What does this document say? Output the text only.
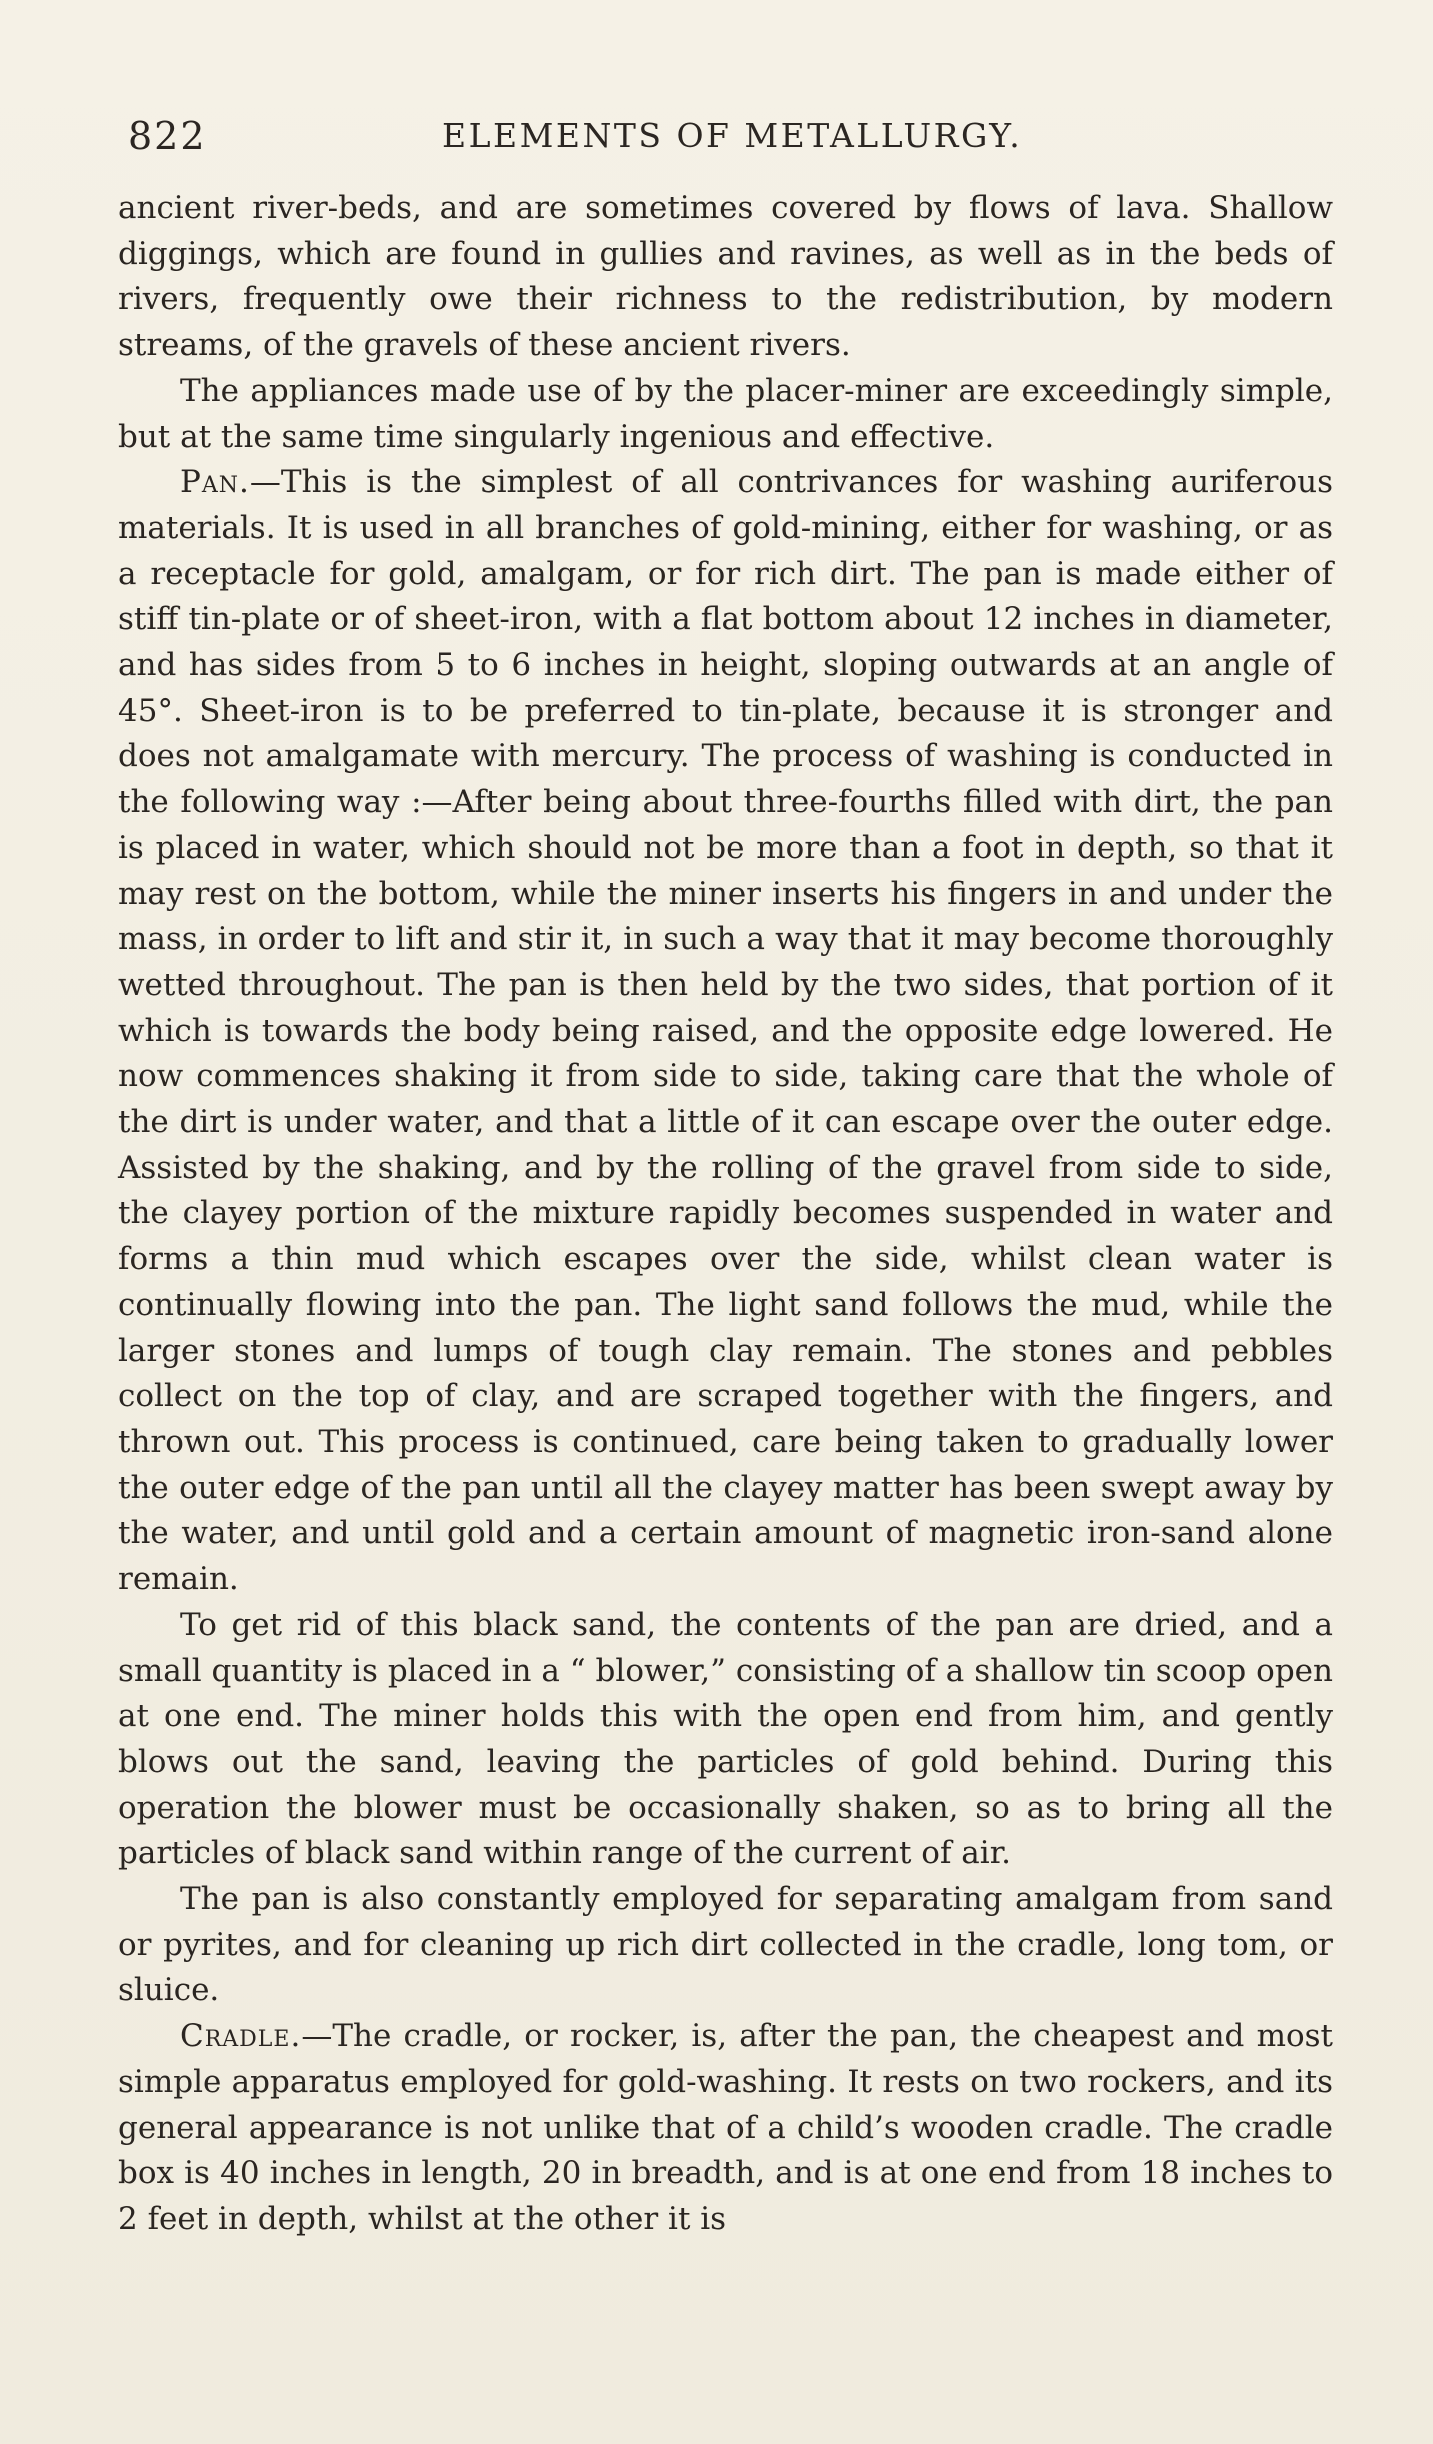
822	ELEMENTS OF METALLURGY.

ancient river-beds, and are sometimes covered by flows of lava. Shallow diggings, which are found in gullies and ravines, as well as in the beds of rivers, frequently owe their richness to the redistribution, by modern streams, of the gravels of these ancient rivers.

The appliances made use of by the placer-miner are exceedingly simple, but at the same time singularly ingenious and effective.

Pan.—This is the simplest of all contrivances for washing auriferous materials. It is used in all branches of gold-mining, either for washing, or as a receptacle for gold, amalgam, or for rich dirt. The pan is made either of stiff tin-plate or of sheet-iron, with a flat bottom about 12 inches in diameter, and has sides from 5 to 6 inches in height, sloping outwards at an angle of 45°. Sheet-iron is to be preferred to tin-plate, because it is stronger and does not amalgamate with mercury. The process of washing is conducted in the following way :—After being about three-fourths filled with dirt, the pan is placed in water, which should not be more than a foot in depth, so that it may rest on the bottom, while the miner inserts his fingers in and under the mass, in order to lift and stir it, in such a way that it may become thoroughly wetted throughout. The pan is then held by the two sides, that portion of it which is towards the body being raised, and the opposite edge lowered. He now commences shaking it from side to side, taking care that the whole of the dirt is under water, and that a little of it can escape over the outer edge. Assisted by the shaking, and by the rolling of the gravel from side to side, the clayey portion of the mixture rapidly becomes suspended in water and forms a thin mud which escapes over the side, whilst clean water is continually flowing into the pan. The light sand follows the mud, while the larger stones and lumps of tough clay remain. The stones and pebbles collect on the top of clay, and are scraped together with the fingers, and thrown out. This process is continued, care being taken to gradually lower the outer edge of the pan until all the clayey matter has been swept away by the water, and until gold and a certain amount of magnetic iron-sand alone remain.

To get rid of this black sand, the contents of the pan are dried, and a small quantity is placed in a “ blower,” consisting of a shallow tin scoop open at one end. The miner holds this with the open end from him, and gently blows out the sand, leaving the particles of gold behind. During this operation the blower must be occasionally shaken, so as to bring all the particles of black sand within range of the current of air.

The pan is also constantly employed for separating amalgam from sand or pyrites, and for cleaning up rich dirt collected in the cradle, long tom, or sluice.

Cradle.—The cradle, or rocker, is, after the pan, the cheapest and most simple apparatus employed for gold-washing. It rests on two rockers, and its general appearance is not unlike that of a child’s wooden cradle. The cradle box is 40 inches in length, 20 in breadth, and is at one end from 18 inches to 2 feet in depth, whilst at the other it is
